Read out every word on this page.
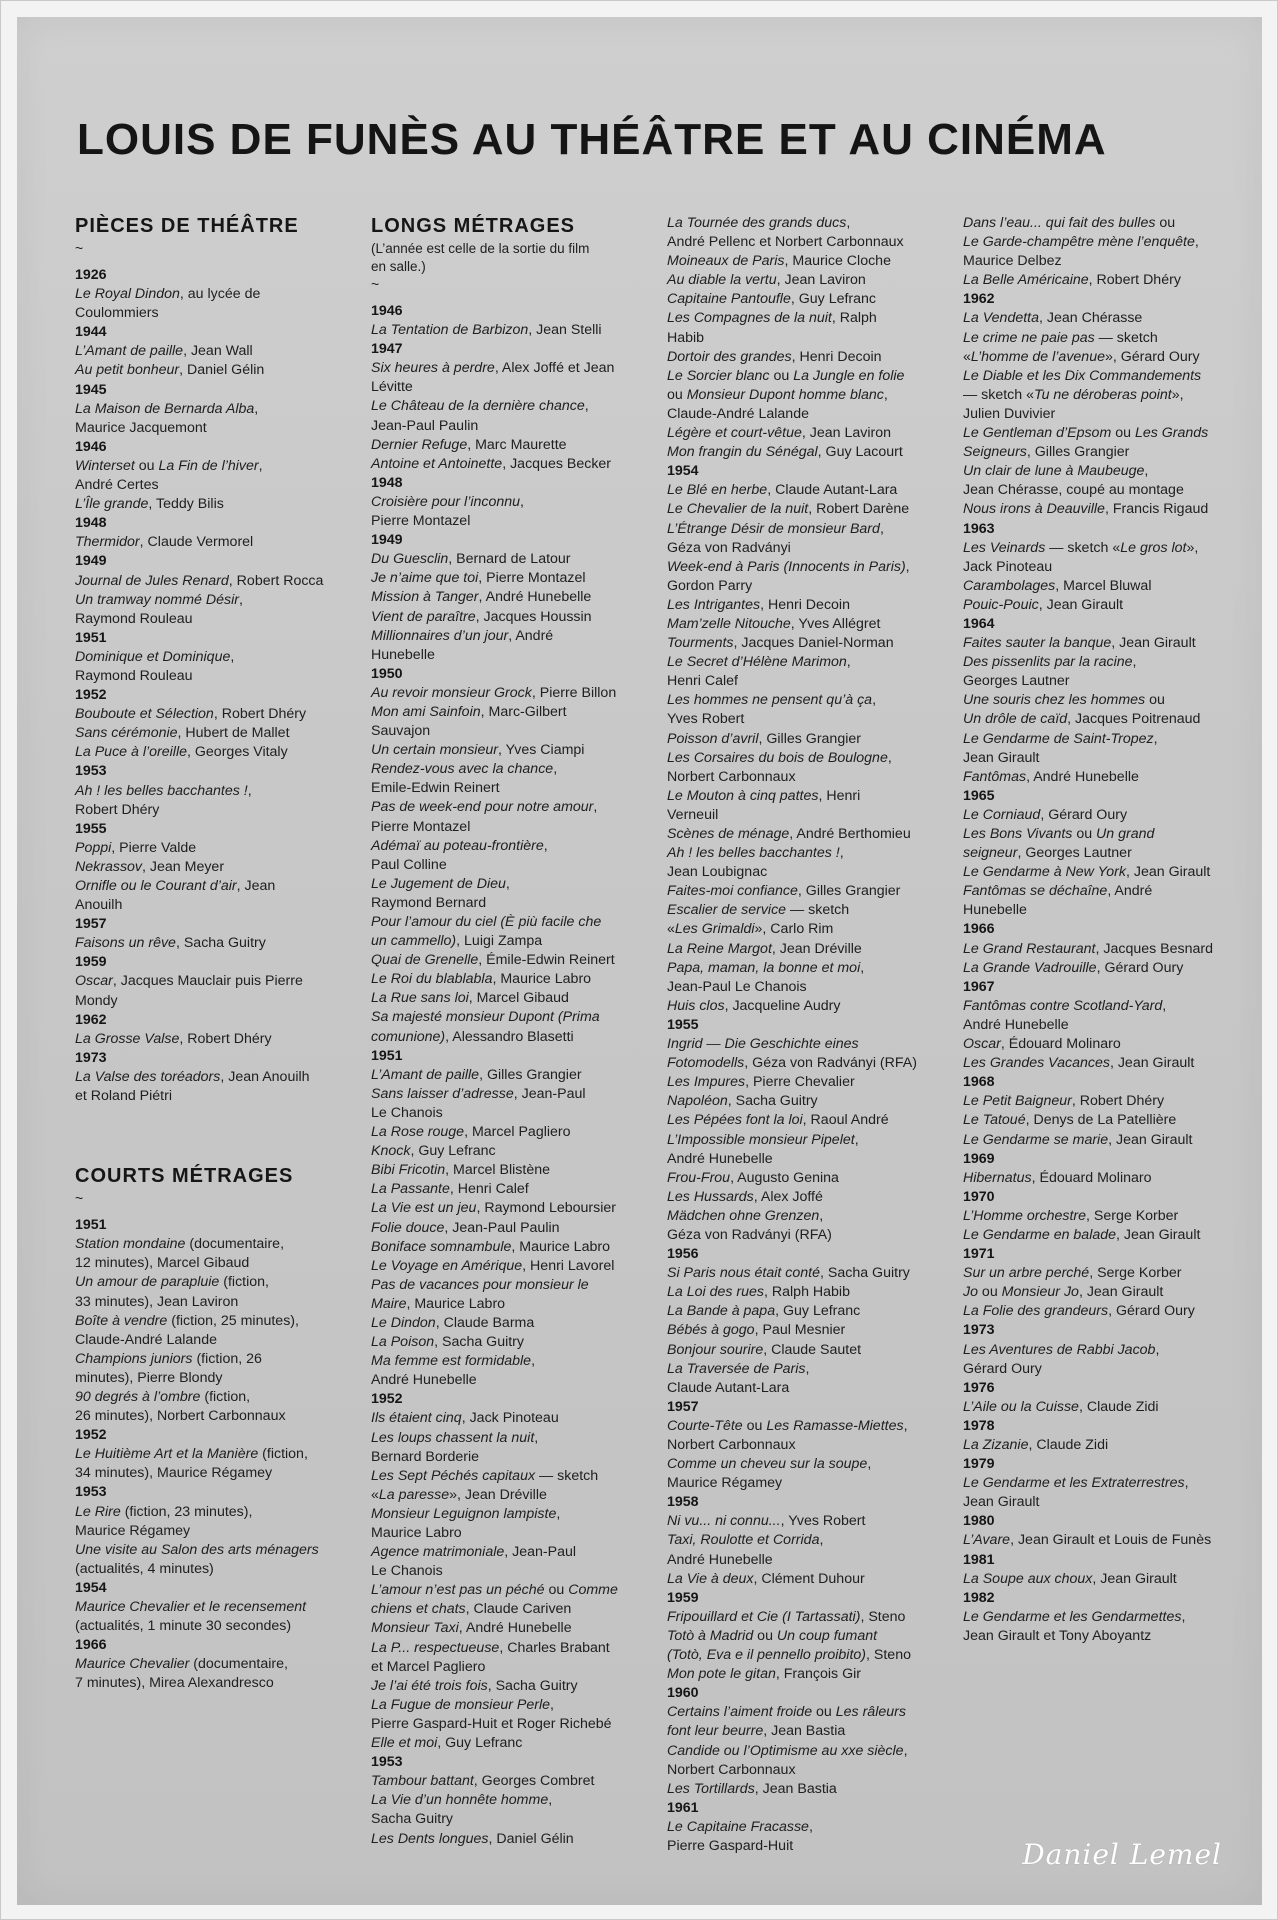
LOUIS DE FUNÈS AU THÉÂTRE ET AU CINÉMA
PIÈCES DE THÉÂTRE
~
1926
Le Royal Dindon, au lycée de
Coulommiers
1944
L’Amant de paille, Jean Wall
Au petit bonheur, Daniel Gélin
1945
La Maison de Bernarda Alba,
Maurice Jacquemont
1946
Winterset ou La Fin de l’hiver,
André Certes
L’Île grande, Teddy Bilis
1948
Thermidor, Claude Vermorel
1949
Journal de Jules Renard, Robert Rocca
Un tramway nommé Désir,
Raymond Rouleau
1951
Dominique et Dominique,
Raymond Rouleau
1952
Bouboute et Sélection, Robert Dhéry
Sans cérémonie, Hubert de Mallet
La Puce à l’oreille, Georges Vitaly
1953
Ah ! les belles bacchantes !,
Robert Dhéry
1955
Poppi, Pierre Valde
Nekrassov, Jean Meyer
Ornifle ou le Courant d’air, Jean
Anouilh
1957
Faisons un rêve, Sacha Guitry
1959
Oscar, Jacques Mauclair puis Pierre
Mondy
1962
La Grosse Valse, Robert Dhéry
1973
La Valse des toréadors, Jean Anouilh
et Roland Piétri
COURTS MÉTRAGES
~
1951
Station mondaine (documentaire,
12 minutes), Marcel Gibaud
Un amour de parapluie (fiction,
33 minutes), Jean Laviron
Boîte à vendre (fiction, 25 minutes),
Claude-André Lalande
Champions juniors (fiction, 26
minutes), Pierre Blondy
90 degrés à l’ombre (fiction,
26 minutes), Norbert Carbonnaux
1952
Le Huitième Art et la Manière (fiction,
34 minutes), Maurice Régamey
1953
Le Rire (fiction, 23 minutes),
Maurice Régamey
Une visite au Salon des arts ménagers
(actualités, 4 minutes)
1954
Maurice Chevalier et le recensement
(actualités, 1 minute 30 secondes)
1966
Maurice Chevalier (documentaire,
7 minutes), Mirea Alexandresco
LONGS MÉTRAGES
(L’année est celle de la sortie du film
en salle.)
~
1946
La Tentation de Barbizon, Jean Stelli
1947
Six heures à perdre, Alex Joffé et Jean
Lévitte
Le Château de la dernière chance,
Jean-Paul Paulin
Dernier Refuge, Marc Maurette
Antoine et Antoinette, Jacques Becker
1948
Croisière pour l’inconnu,
Pierre Montazel
1949
Du Guesclin, Bernard de Latour
Je n’aime que toi, Pierre Montazel
Mission à Tanger, André Hunebelle
Vient de paraître, Jacques Houssin
Millionnaires d’un jour, André
Hunebelle
1950
Au revoir monsieur Grock, Pierre Billon
Mon ami Sainfoin, Marc-Gilbert
Sauvajon
Un certain monsieur, Yves Ciampi
Rendez-vous avec la chance,
Emile-Edwin Reinert
Pas de week-end pour notre amour,
Pierre Montazel
Adémaï au poteau-frontière,
Paul Colline
Le Jugement de Dieu,
Raymond Bernard
Pour l’amour du ciel (È più facile che
un cammello), Luigi Zampa
Quai de Grenelle, Émile-Edwin Reinert
Le Roi du blablabla, Maurice Labro
La Rue sans loi, Marcel Gibaud
Sa majesté monsieur Dupont (Prima
comunione), Alessandro Blasetti
1951
L’Amant de paille, Gilles Grangier
Sans laisser d’adresse, Jean-Paul
Le Chanois
La Rose rouge, Marcel Pagliero
Knock, Guy Lefranc
Bibi Fricotin, Marcel Blistène
La Passante, Henri Calef
La Vie est un jeu, Raymond Leboursier
Folie douce, Jean-Paul Paulin
Boniface somnambule, Maurice Labro
Le Voyage en Amérique, Henri Lavorel
Pas de vacances pour monsieur le
Maire, Maurice Labro
Le Dindon, Claude Barma
La Poison, Sacha Guitry
Ma femme est formidable,
André Hunebelle
1952
Ils étaient cinq, Jack Pinoteau
Les loups chassent la nuit,
Bernard Borderie
Les Sept Péchés capitaux — sketch
«La paresse», Jean Dréville
Monsieur Leguignon lampiste,
Maurice Labro
Agence matrimoniale, Jean-Paul
Le Chanois
L’amour n’est pas un péché ou Comme
chiens et chats, Claude Cariven
Monsieur Taxi, André Hunebelle
La P... respectueuse, Charles Brabant
et Marcel Pagliero
Je l’ai été trois fois, Sacha Guitry
La Fugue de monsieur Perle,
Pierre Gaspard-Huit et Roger Richebé
Elle et moi, Guy Lefranc
1953
Tambour battant, Georges Combret
La Vie d’un honnête homme,
Sacha Guitry
Les Dents longues, Daniel Gélin
La Tournée des grands ducs,
André Pellenc et Norbert Carbonnaux
Moineaux de Paris, Maurice Cloche
Au diable la vertu, Jean Laviron
Capitaine Pantoufle, Guy Lefranc
Les Compagnes de la nuit, Ralph
Habib
Dortoir des grandes, Henri Decoin
Le Sorcier blanc ou La Jungle en folie
ou Monsieur Dupont homme blanc,
Claude-André Lalande
Légère et court-vêtue, Jean Laviron
Mon frangin du Sénégal, Guy Lacourt
1954
Le Blé en herbe, Claude Autant-Lara
Le Chevalier de la nuit, Robert Darène
L’Étrange Désir de monsieur Bard,
Géza von Radványi
Week-end à Paris (Innocents in Paris),
Gordon Parry
Les Intrigantes, Henri Decoin
Mam’zelle Nitouche, Yves Allégret
Tourments, Jacques Daniel-Norman
Le Secret d’Hélène Marimon,
Henri Calef
Les hommes ne pensent qu’à ça,
Yves Robert
Poisson d’avril, Gilles Grangier
Les Corsaires du bois de Boulogne,
Norbert Carbonnaux
Le Mouton à cinq pattes, Henri
Verneuil
Scènes de ménage, André Berthomieu
Ah ! les belles bacchantes !,
Jean Loubignac
Faites-moi confiance, Gilles Grangier
Escalier de service — sketch
«Les Grimaldi», Carlo Rim
La Reine Margot, Jean Dréville
Papa, maman, la bonne et moi,
Jean-Paul Le Chanois
Huis clos, Jacqueline Audry
1955
Ingrid — Die Geschichte eines
Fotomodells, Géza von Radványi (RFA)
Les Impures, Pierre Chevalier
Napoléon, Sacha Guitry
Les Pépées font la loi, Raoul André
L’Impossible monsieur Pipelet,
André Hunebelle
Frou-Frou, Augusto Genina
Les Hussards, Alex Joffé
Mädchen ohne Grenzen,
Géza von Radványi (RFA)
1956
Si Paris nous était conté, Sacha Guitry
La Loi des rues, Ralph Habib
La Bande à papa, Guy Lefranc
Bébés à gogo, Paul Mesnier
Bonjour sourire, Claude Sautet
La Traversée de Paris,
Claude Autant-Lara
1957
Courte-Tête ou Les Ramasse-Miettes,
Norbert Carbonnaux
Comme un cheveu sur la soupe,
Maurice Régamey
1958
Ni vu... ni connu..., Yves Robert
Taxi, Roulotte et Corrida,
André Hunebelle
La Vie à deux, Clément Duhour
1959
Fripouillard et Cie (I Tartassati), Steno
Totò à Madrid ou Un coup fumant
(Totò, Eva e il pennello proibito), Steno
Mon pote le gitan, François Gir
1960
Certains l’aiment froide ou Les râleurs
font leur beurre, Jean Bastia
Candide ou l’Optimisme au xxe siècle,
Norbert Carbonnaux
Les Tortillards, Jean Bastia
1961
Le Capitaine Fracasse,
Pierre Gaspard-Huit
Dans l’eau... qui fait des bulles ou
Le Garde-champêtre mène l’enquête,
Maurice Delbez
La Belle Américaine, Robert Dhéry
1962
La Vendetta, Jean Chérasse
Le crime ne paie pas — sketch
«L’homme de l’avenue», Gérard Oury
Le Diable et les Dix Commandements
— sketch «Tu ne déroberas point»,
Julien Duvivier
Le Gentleman d’Epsom ou Les Grands
Seigneurs, Gilles Grangier
Un clair de lune à Maubeuge,
Jean Chérasse, coupé au montage
Nous irons à Deauville, Francis Rigaud
1963
Les Veinards — sketch «Le gros lot»,
Jack Pinoteau
Carambolages, Marcel Bluwal
Pouic-Pouic, Jean Girault
1964
Faites sauter la banque, Jean Girault
Des pissenlits par la racine,
Georges Lautner
Une souris chez les hommes ou
Un drôle de caïd, Jacques Poitrenaud
Le Gendarme de Saint-Tropez,
Jean Girault
Fantômas, André Hunebelle
1965
Le Corniaud, Gérard Oury
Les Bons Vivants ou Un grand
seigneur, Georges Lautner
Le Gendarme à New York, Jean Girault
Fantômas se déchaîne, André
Hunebelle
1966
Le Grand Restaurant, Jacques Besnard
La Grande Vadrouille, Gérard Oury
1967
Fantômas contre Scotland-Yard,
André Hunebelle
Oscar, Édouard Molinaro
Les Grandes Vacances, Jean Girault
1968
Le Petit Baigneur, Robert Dhéry
Le Tatoué, Denys de La Patellière
Le Gendarme se marie, Jean Girault
1969
Hibernatus, Édouard Molinaro
1970
L’Homme orchestre, Serge Korber
Le Gendarme en balade, Jean Girault
1971
Sur un arbre perché, Serge Korber
Jo ou Monsieur Jo, Jean Girault
La Folie des grandeurs, Gérard Oury
1973
Les Aventures de Rabbi Jacob,
Gérard Oury
1976
L’Aile ou la Cuisse, Claude Zidi
1978
La Zizanie, Claude Zidi
1979
Le Gendarme et les Extraterrestres,
Jean Girault
1980
L’Avare, Jean Girault et Louis de Funès
1981
La Soupe aux choux, Jean Girault
1982
Le Gendarme et les Gendarmettes,
Jean Girault et Tony Aboyantz
Daniel Lemel
